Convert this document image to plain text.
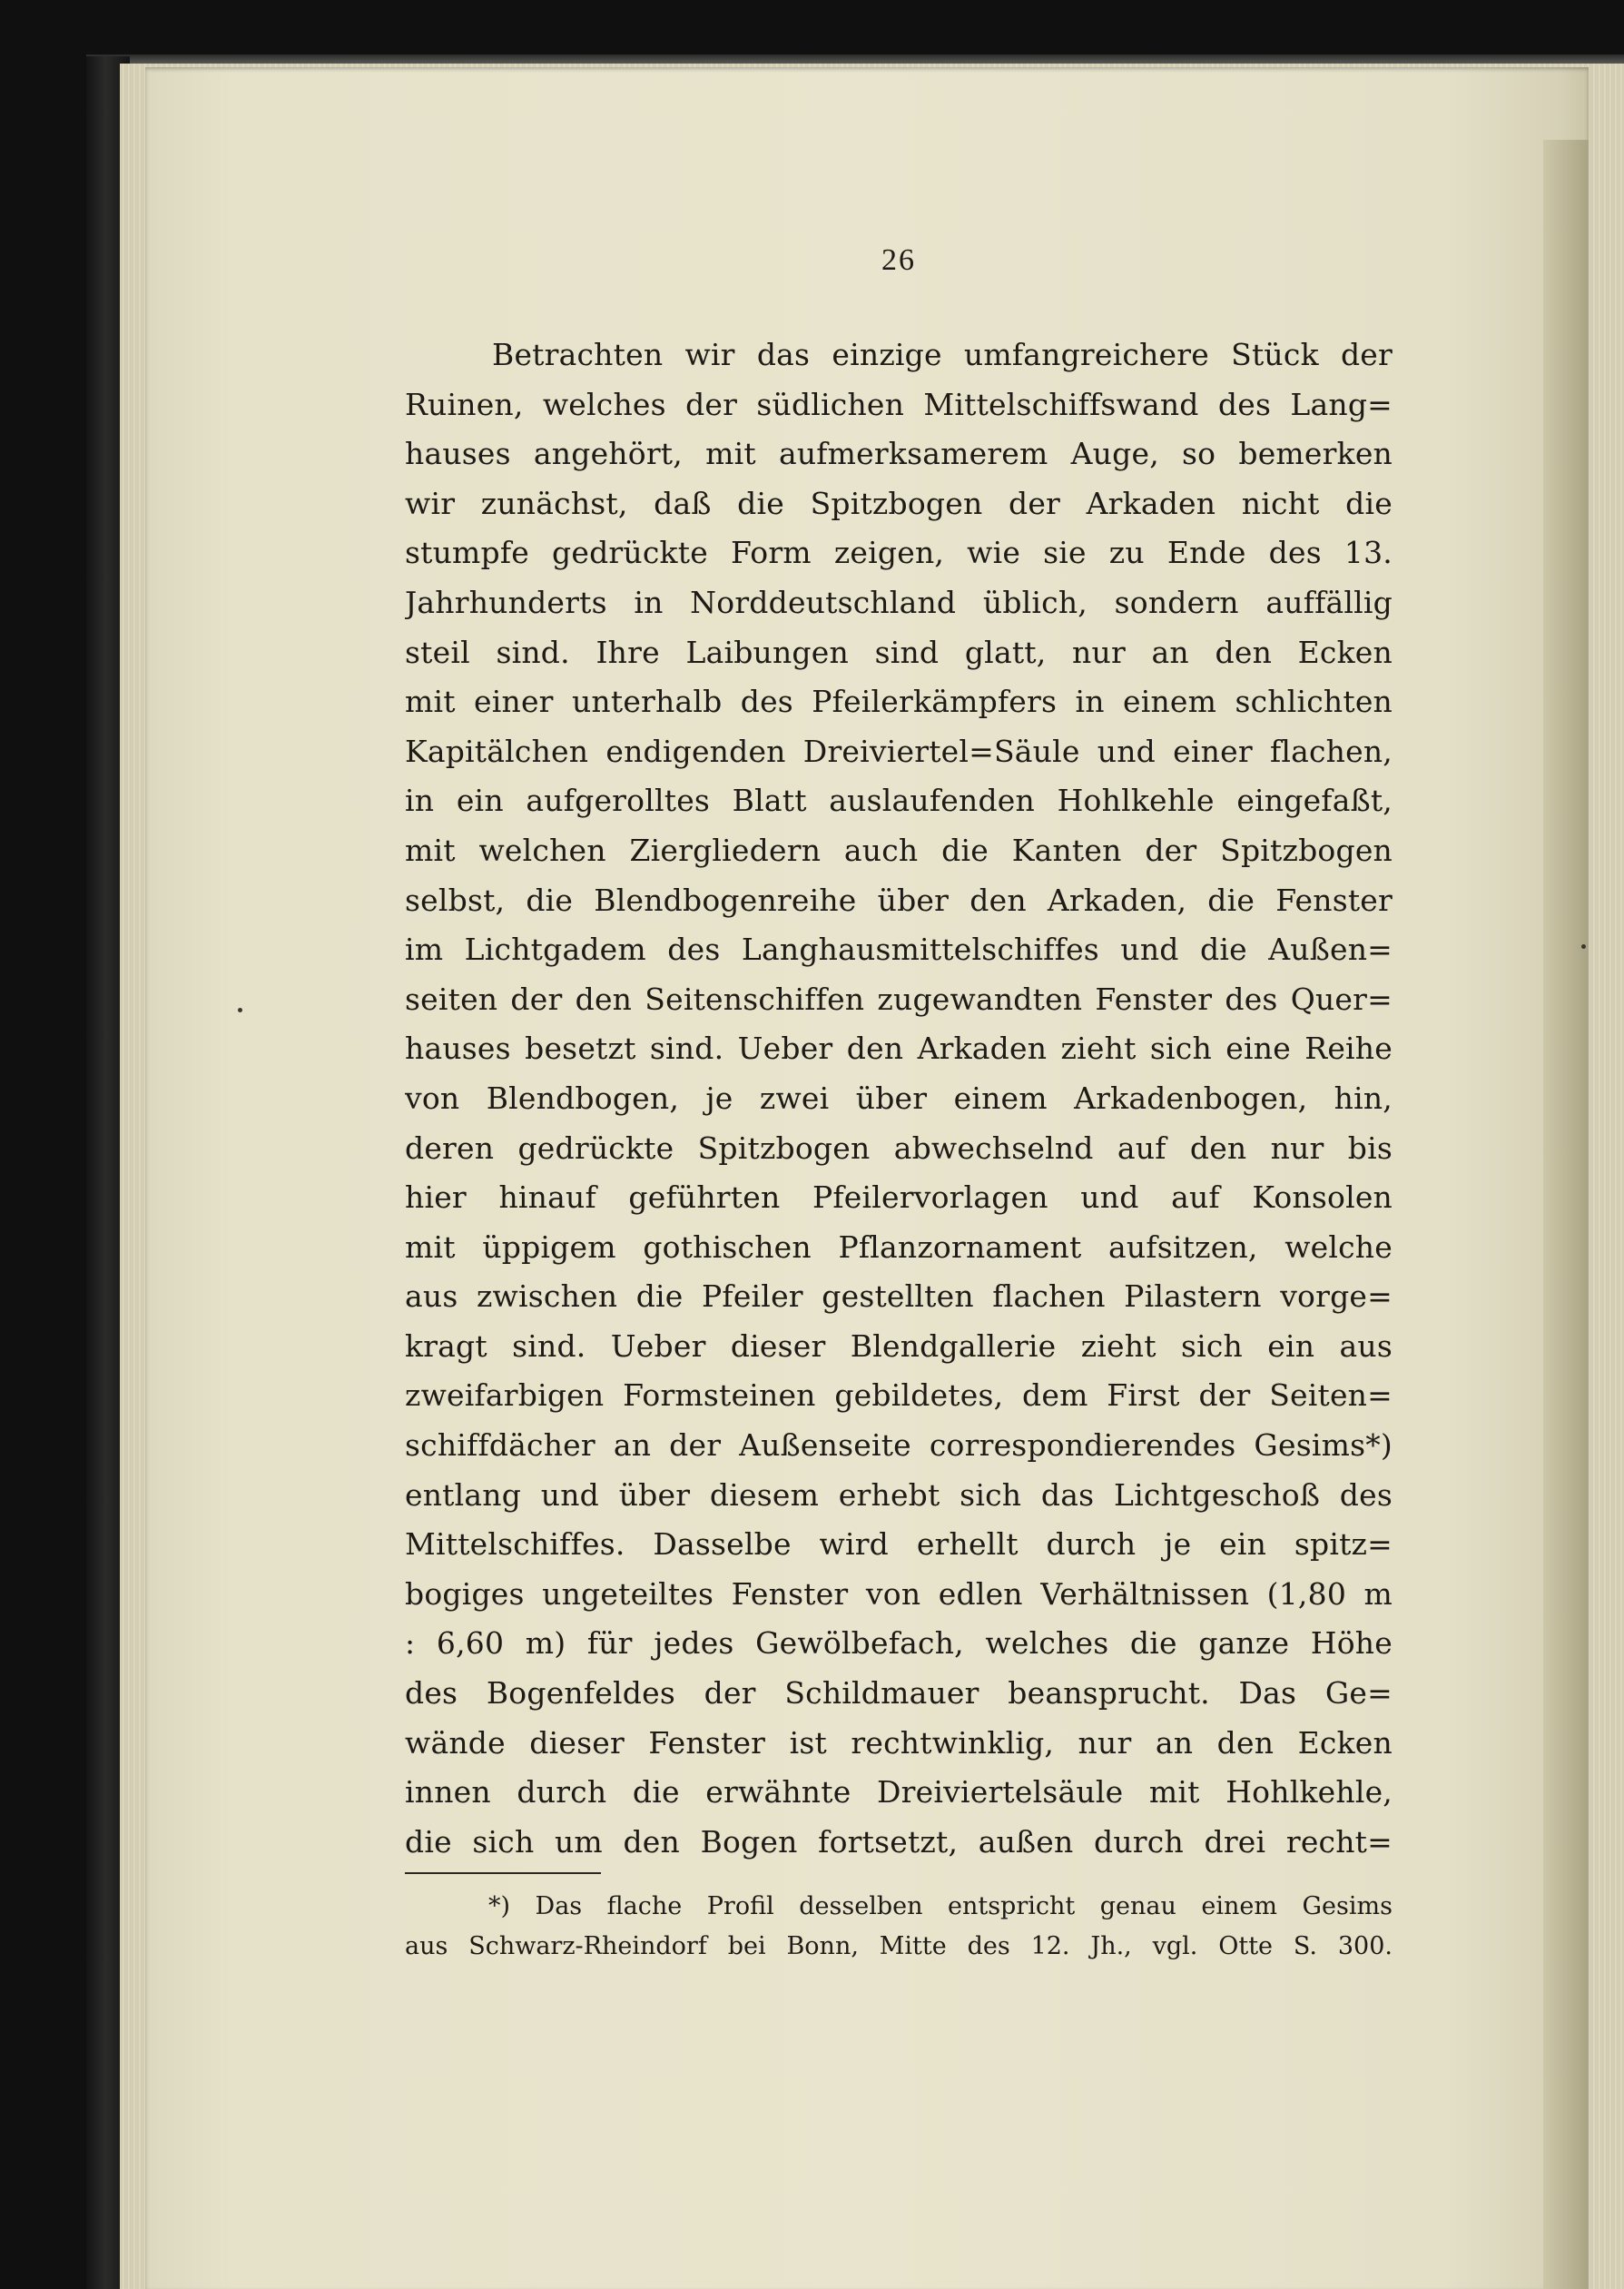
26
Betrachten wir das einzige umfangreichere Stück der
Ruinen, welches der südlichen Mittelschiffswand des Lang=
hauses angehört, mit aufmerksamerem Auge, so bemerken
wir zunächst, daß die Spitzbogen der Arkaden nicht die
stumpfe gedrückte Form zeigen, wie sie zu Ende des 13.
Jahrhunderts in Norddeutschland üblich, sondern auffällig
steil sind. Ihre Laibungen sind glatt, nur an den Ecken
mit einer unterhalb des Pfeilerkämpfers in einem schlichten
Kapitälchen endigenden Dreiviertel=Säule und einer flachen,
in ein aufgerolltes Blatt auslaufenden Hohlkehle eingefaßt,
mit welchen Ziergliedern auch die Kanten der Spitzbogen
selbst, die Blendbogenreihe über den Arkaden, die Fenster
im Lichtgadem des Langhausmittelschiffes und die Außen=
seiten der den Seitenschiffen zugewandten Fenster des Quer=
hauses besetzt sind. Ueber den Arkaden zieht sich eine Reihe
von Blendbogen, je zwei über einem Arkadenbogen, hin,
deren gedrückte Spitzbogen abwechselnd auf den nur bis
hier hinauf geführten Pfeilervorlagen und auf Konsolen
mit üppigem gothischen Pflanzornament aufsitzen, welche
aus zwischen die Pfeiler gestellten flachen Pilastern vorge=
kragt sind. Ueber dieser Blendgallerie zieht sich ein aus
zweifarbigen Formsteinen gebildetes, dem First der Seiten=
schiffdächer an der Außenseite correspondierendes Gesims*)
entlang und über diesem erhebt sich das Lichtgeschoß des
Mittelschiffes. Dasselbe wird erhellt durch je ein spitz=
bogiges ungeteiltes Fenster von edlen Verhältnissen (1,80 m
: 6,60 m) für jedes Gewölbefach, welches die ganze Höhe
des Bogenfeldes der Schildmauer beansprucht. Das Ge=
wände dieser Fenster ist rechtwinklig, nur an den Ecken
innen durch die erwähnte Dreiviertelsäule mit Hohlkehle,
die sich um den Bogen fortsetzt, außen durch drei recht=
*) Das flache Profil desselben entspricht genau einem Gesims
aus Schwarz-Rheindorf bei Bonn, Mitte des 12. Jh., vgl. Otte S. 300.
